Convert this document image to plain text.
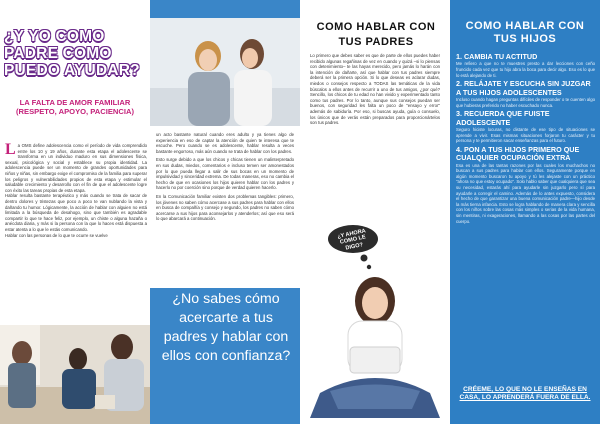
¿Y YO COMO
PADRE COMO
PUEDO AYUDAR?

LA FALTA DE AMOR FAMILIAR (RESPETO, APOYO, PACIENCIA)

La OMS define adolescencia como el período de vida comprendido entre los 10 y 19 años, durante esta etapa el adolescente se transforma en un individuo maduro en sus dimensiones física, sexual, psicológica y social y establece su propia identidad. La adolescencia puede ser un momento de grandes oportunidades para niños y niñas, sin embargo exige el compromiso de la familia para superar los peligros y vulnerabilidades propios de esta etapa y estimular el saludable crecimiento y desarrollo con el fin de que el adolescente logre con éxito las tareas propias de esta etapa.

Hablar resulta bastante terapéutico y más cuando se trata de sacar de dentro dolores y tristezas que poco a poco te van nublando la vista y dañando tu humor. Lógicamente, la acción de hablar con alguien no está limitada a la búsqueda de desahogo, sino que también es agradable compartir lo que te hace feliz, por ejemplo, un chiste o alguna hazaña o anécdota diaria, y más si la persona con la que lo haces está dispuesta a estar atenta a lo que le estás comunicando.

Hablar con las personas de lo que te ocurre se vuelve

un acto bastante natural cuando eres adulto y ya tienes algo de experiencia en eso de captar la atención de quien te interesa que te escuche. Pero cuando se es adolescente, hablar resulta a veces bastante engorroso, más aún cuando se trata de hablar con los padres.

Esto surge debido a que los chicos y chicas tienen un malinterpretado en sus dudas, miedos, comentarios e incluso temen ser amonestados por lo que pueda llegar a salir de sus bocas en un momento de impulsividad y sinceridad extrema. De todas maneras, eso no cambia el hecho de que en ocasiones los hijos quieren hablar con los padres y hacerlo no por coerción sino porque de verdad quieren hacerlo.

En la Comunicación familiar existen dos problemas tangibles: primero, los jóvenes no saben cómo acercase a sus padres para hablar con ellos en busca de compañía y consejo y segundo, los padres no saben cómo acercarse a sus hijos para aconsejarlos y atenderlos; así que eso será lo que abarcará a continuación.

¿No sabes cómo acercarte a tus padres y hablar con ellos con confianza?

COMO HABLAR CON TUS PADRES

Lo primero que debes saber es que de parte de ellos puedes haber recibido algunas regañinas de vez en cuando y quizá –si lo piensas con detenimiento– te las hayas merecido, pero jamás lo harán con la intención de dañarte, así que hablar con tus padres siempre deberá ser la primera opción. Si lo que deseas es aclarar dudas, miedos o consejos respecto a TODAS las temáticas de la vida búscalos a ellos antes de recurrir a uno de tus amigos, ¿por qué? Sencillo, los chicos de tu edad no han vivido y experimentado tanto como tus padres. Por lo tanto, aunque sus consejos puedan ser buenos, con seguridad les falta un poco de "ensayo y error" además de sabiduría. Por eso, si buscas ayuda, guía o consuelo, los únicos que de verás están preparados para proporcionártelos son tus padres.

¿Y AHORA COMO LE DIGO?
COMO HABLAR CON TUS HIJOS

1. CAMBIA TU ACTITUD

Me refiero a que no te muestres presto a dar lecciones con ceño fruncido cada vez que tu hijo abra la boca para decir algo. Eso es lo que lo está alejando de ti.

2. RELÁJATE Y ESCUCHA SIN JUZGAR A TUS HIJOS ADOLESCENTES

Incluso cuando hagan preguntas difíciles de responder o te cuenten algo que hubieras preferido no haber escuchado nunca.

3. RECUERDA QUE FUISTE ADOLESCENTE

Seguro hiciste locuras, no distante de ese tipo de situaciones se aprende a vivir. Esas mismas situaciones forjaron tu carácter y tu persona y te permitieron sacar enseñanzas para el futuro.

4. PON A TUS HIJOS PRIMERO QUE CUALQUIER OCUPACIÓN EXTRA

Esa es una de las tantas razones por las cuales los muchachos no buscan a sus padres para hablar con ellos. Seguramente porque en algún momento buscaron tu apoyo y tú les alejaste con un práctico "ahora no que estoy ocupado". Solo hablo saber que cualquiera que sea su necesidad, estarás ahí para ayudarle sin juzgarlo pero sí para ayudarle a corregir el camino. Además de lo antes expuesto, considera el hecho de que garantizar una buena comunicación padre—hijo desde la más tierna infancia. Esto se logra hablando de manera clara y sencilla con los niños sobre las cosas más simples o serias de la vida humana, sin mentiras, ni exageraciones, llamando a las cosas por las partes del cuerpo.

CRÉEME, LO QUE NO LE ENSEÑAS EN CASA, LO APRENDERÁ FUERA DE ELLA.
